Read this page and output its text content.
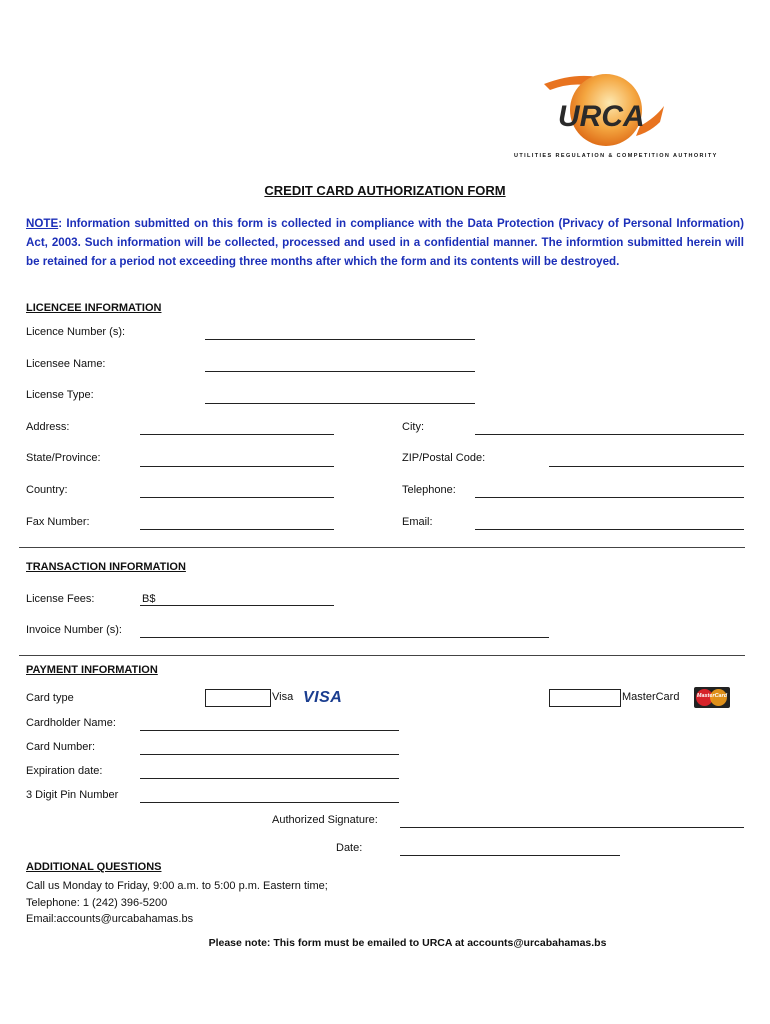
URCA
UTILITIES REGULATION & COMPETITION AUTHORITY
CREDIT CARD AUTHORIZATION FORM
NOTE: Information submitted on this form is collected in compliance with the Data Protection (Privacy of Personal Information) Act, 2003. Such information will be collected, processed and used in a confidential manner. The informtion submitted herein will be retained for a period not exceeding three months after which the form and its contents will be destroyed.
LICENCEE INFORMATION
Licence Number (s):
Licensee Name:
License Type:
Address:	City:
State/Province:	ZIP/Postal Code:
Country:	Telephone:
Fax Number:	Email:
TRANSACTION INFORMATION
License Fees:	B$
Invoice Number (s):
PAYMENT INFORMATION
Card type	Visa VISA	MasterCard	MasterCard
Cardholder Name:
Card Number:
Expiration date:
3 Digit Pin Number
Authorized Signature:
Date:
ADDITIONAL QUESTIONS
Call us Monday to Friday, 9:00 a.m. to 5:00 p.m. Eastern time;
Telephone: 1 (242) 396-5200
Email:accounts@urcabahamas.bs
Please note: This form must be emailed to URCA at accounts@urcabahamas.bs
